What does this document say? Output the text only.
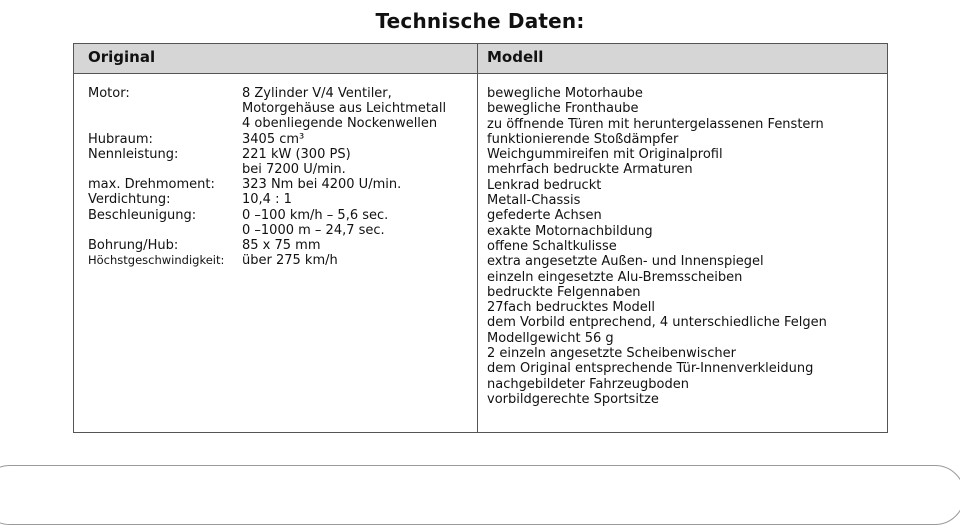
Technische Daten:
Original	Modell
Motor:	8 Zylinder V/4 Ventiler,
Motorgehäuse aus Leichtmetall
4 obenliegende Nockenwellen
Hubraum:	3405 cm³
Nennleistung:	221 kW (300 PS)
bei 7200 U/min.
max. Drehmoment:	323 Nm bei 4200 U/min.
Verdichtung:	10,4 : 1
Beschleunigung:	0 –100 km/h – 5,6 sec.
0 –1000 m – 24,7 sec.
Bohrung/Hub:	85 x 75 mm
Höchstgeschwindigkeit:	über 275 km/h
bewegliche Motorhaube
bewegliche Fronthaube
zu öffnende Türen mit heruntergelassenen Fenstern
funktionierende Stoßdämpfer
Weichgummireifen mit Originalprofil
mehrfach bedruckte Armaturen
Lenkrad bedruckt
Metall-Chassis
gefederte Achsen
exakte Motornachbildung
offene Schaltkulisse
extra angesetzte Außen- und Innenspiegel
einzeln eingesetzte Alu-Bremsscheiben
bedruckte Felgennaben
27fach bedrucktes Modell
dem Vorbild entprechend, 4 unterschiedliche Felgen
Modellgewicht 56 g
2 einzeln angesetzte Scheibenwischer
dem Original entsprechende Tür-Innenverkleidung
nachgebildeter Fahrzeugboden
vorbildgerechte Sportsitze
